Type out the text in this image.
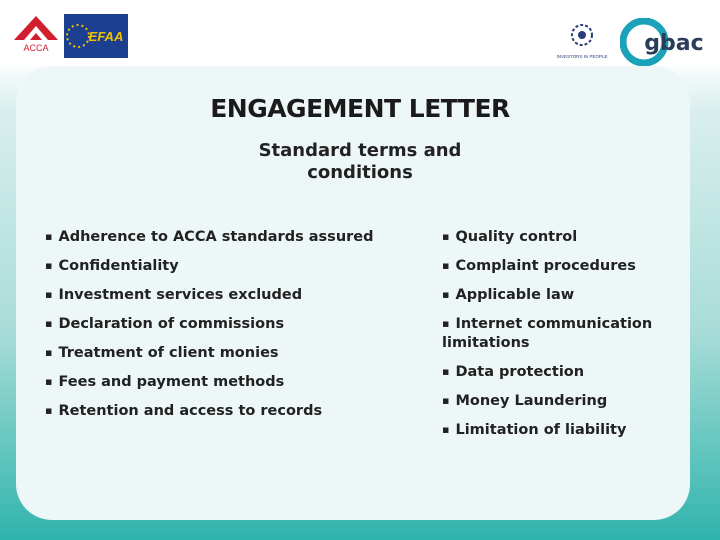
ACCA
EFAA
INVESTORS IN PEOPLE
gbac
ENGAGEMENT LETTER
Standard terms and
conditions
▪ Adherence to ACCA standards assured
▪ Confidentiality
▪ Investment services excluded
▪ Declaration of commissions
▪ Treatment of client monies
▪ Fees and payment methods
▪ Retention and access to records
▪ Quality control
▪ Complaint procedures
▪ Applicable law
▪ Internet communication limitations
▪ Data protection
▪ Money Laundering
▪ Limitation of liability
